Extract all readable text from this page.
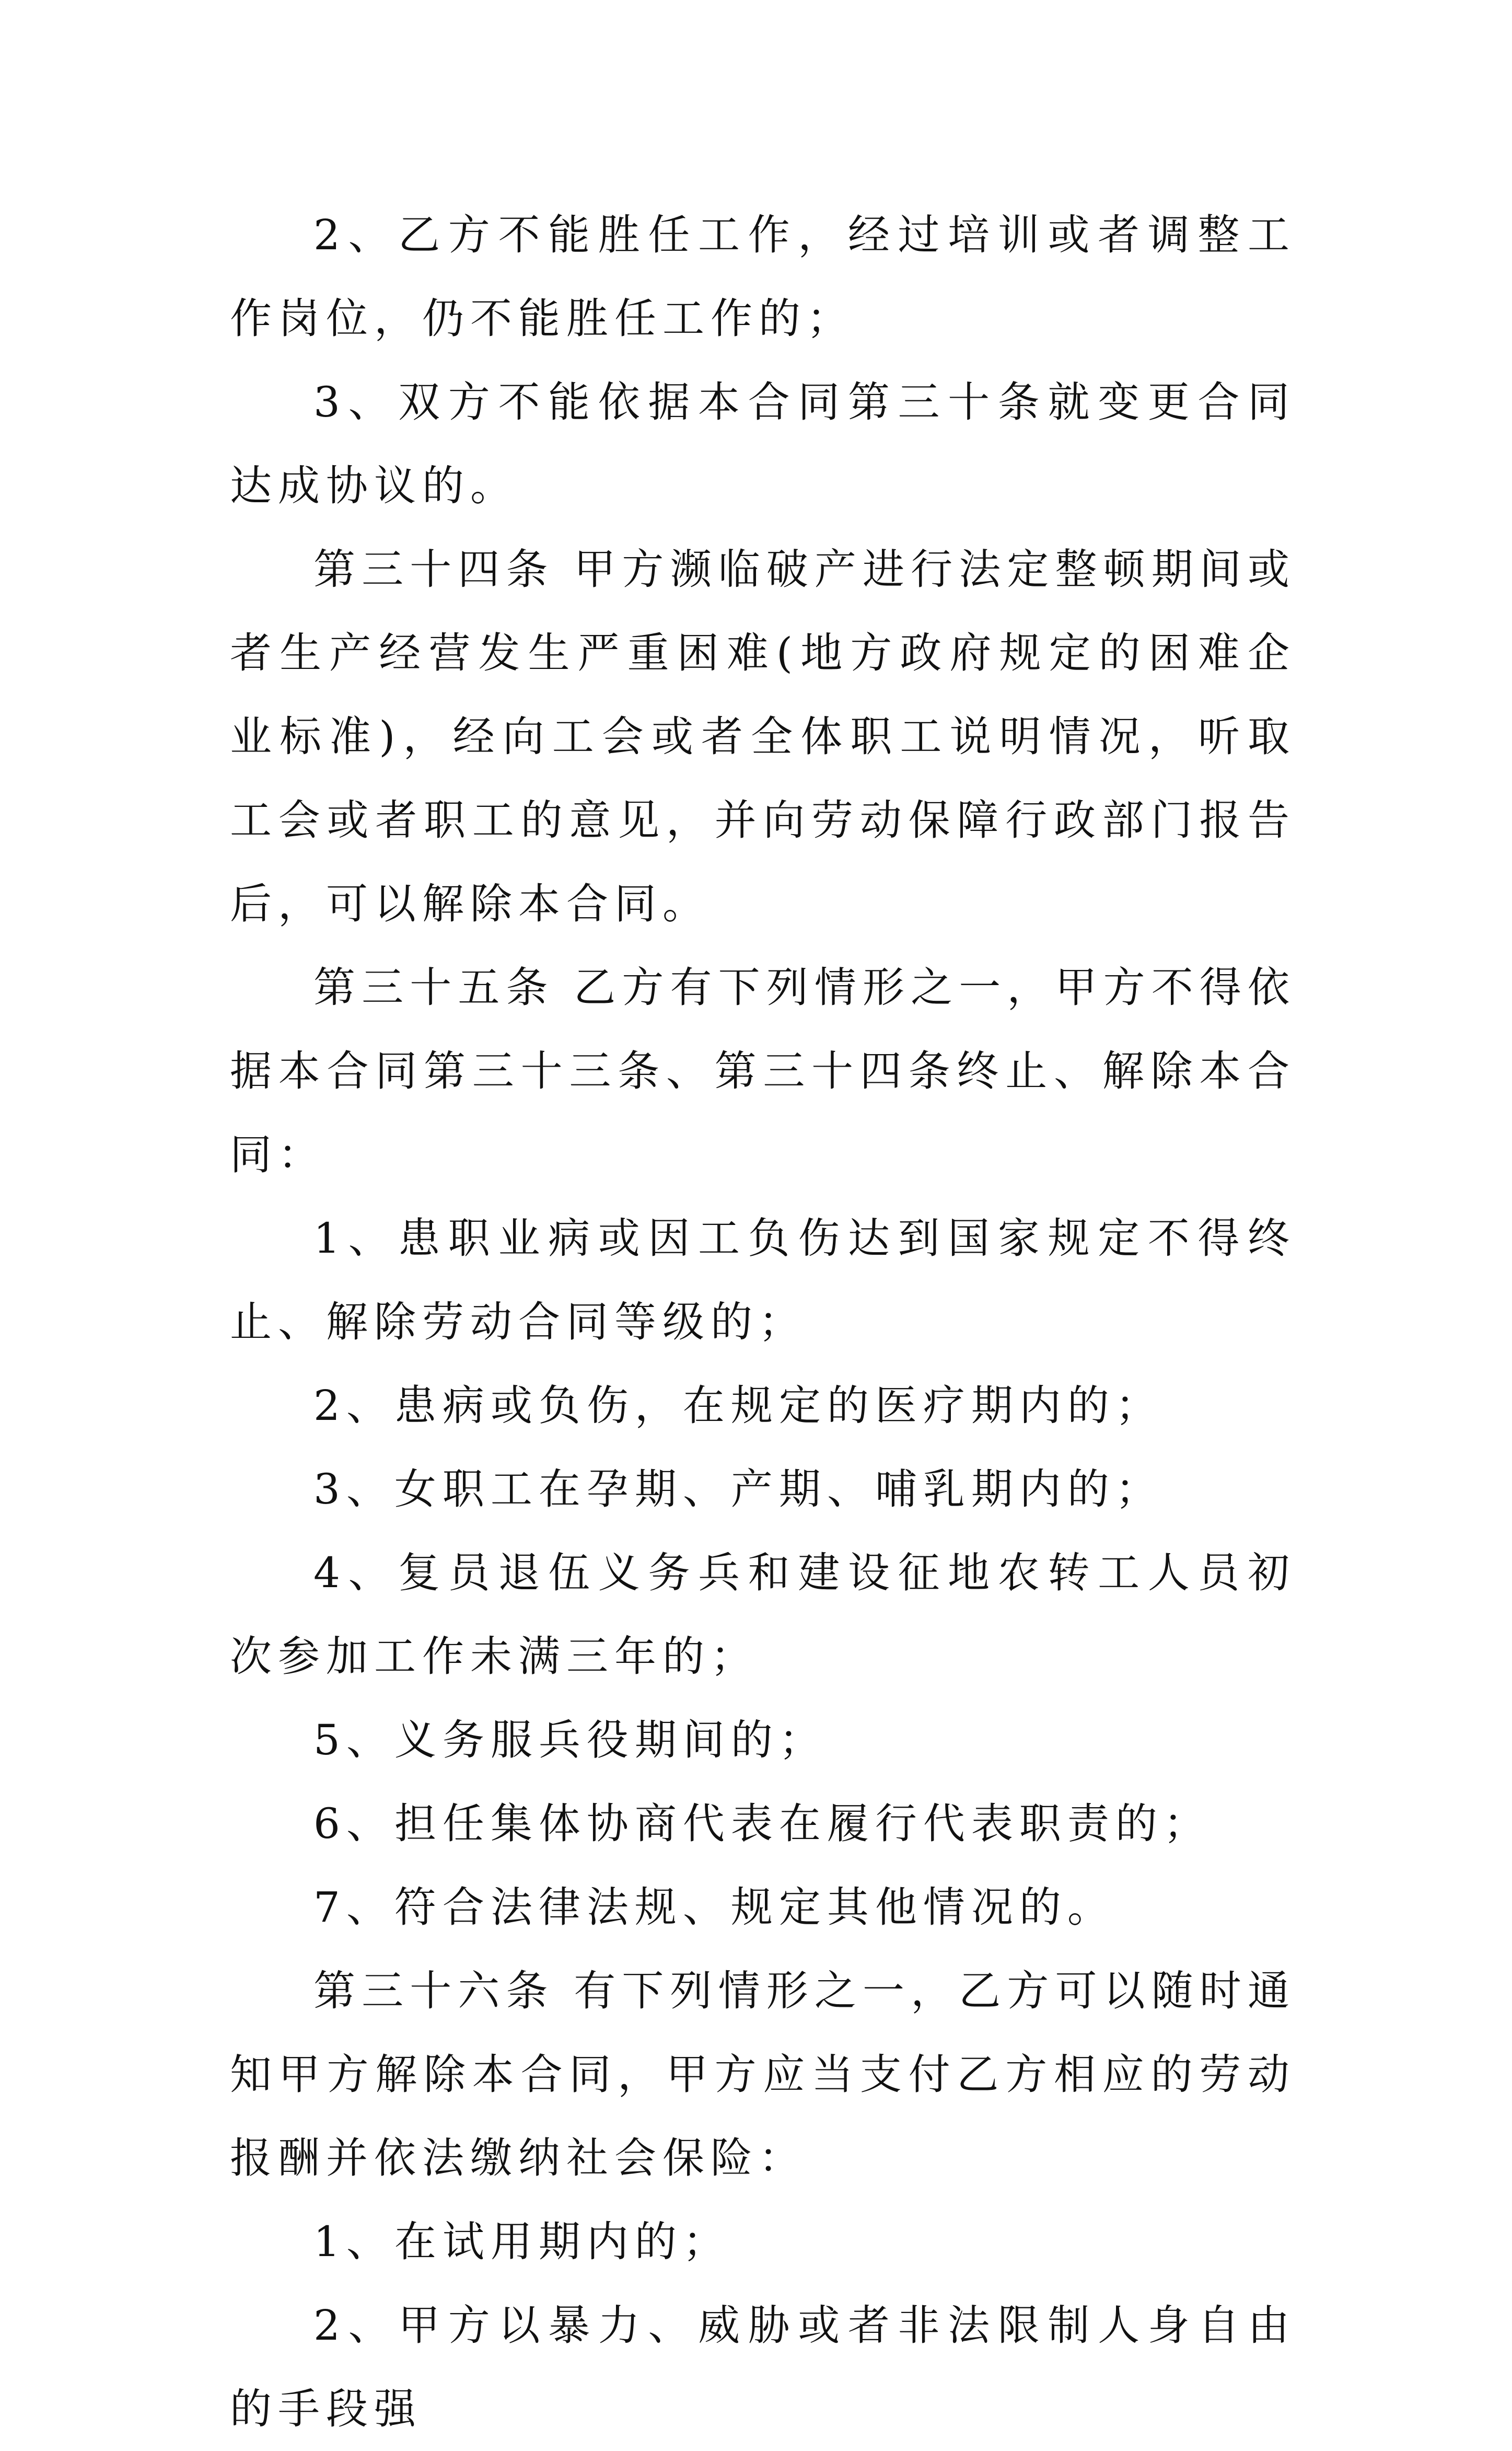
2、乙方不能胜任工作，经过培训或者调整工作岗位，仍不能胜任工作的；

3、双方不能依据本合同第三十条就变更合同达成协议的。

第三十四条 甲方濒临破产进行法定整顿期间或者生产经营发生严重困难(地方政府规定的困难企业标准)，经向工会或者全体职工说明情况，听取工会或者职工的意见，并向劳动保障行政部门报告后，可以解除本合同。

第三十五条 乙方有下列情形之一，甲方不得依据本合同第三十三条、第三十四条终止、解除本合同：

1、患职业病或因工负伤达到国家规定不得终止、解除劳动合同等级的；

2、患病或负伤，在规定的医疗期内的；

3、女职工在孕期、产期、哺乳期内的；

4、复员退伍义务兵和建设征地农转工人员初次参加工作未满三年的；

5、义务服兵役期间的；

6、担任集体协商代表在履行代表职责的；

7、符合法律法规、规定其他情况的。

第三十六条 有下列情形之一，乙方可以随时通知甲方解除本合同，甲方应当支付乙方相应的劳动报酬并依法缴纳社会保险：

1、在试用期内的；

2、甲方以暴力、威胁或者非法限制人身自由的手段强
